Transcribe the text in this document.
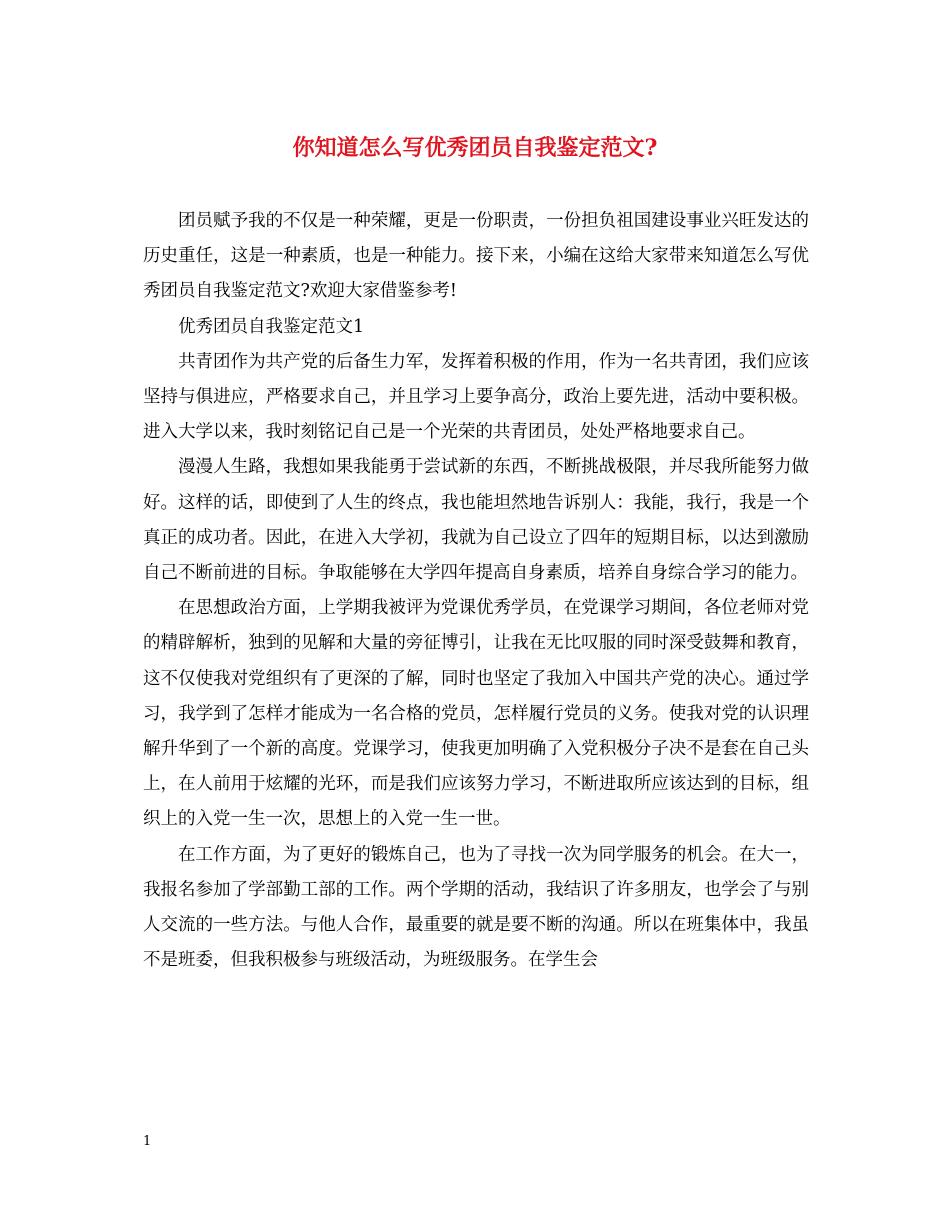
你知道怎么写优秀团员自我鉴定范文?

团员赋予我的不仅是一种荣耀，更是一份职责，一份担负祖国建设事业兴旺发达的历史重任，这是一种素质，也是一种能力。接下来，小编在这给大家带来知道怎么写优秀团员自我鉴定范文?欢迎大家借鉴参考!

优秀团员自我鉴定范文1

共青团作为共产党的后备生力军，发挥着积极的作用，作为一名共青团，我们应该坚持与俱进应，严格要求自己，并且学习上要争高分，政治上要先进，活动中要积极。进入大学以来，我时刻铭记自己是一个光荣的共青团员，处处严格地要求自己。

漫漫人生路，我想如果我能勇于尝试新的东西，不断挑战极限，并尽我所能努力做好。这样的话，即使到了人生的终点，我也能坦然地告诉别人：我能，我行，我是一个真正的成功者。因此，在进入大学初，我就为自己设立了四年的短期目标，以达到激励自己不断前进的目标。争取能够在大学四年提高自身素质，培养自身综合学习的能力。

在思想政治方面，上学期我被评为党课优秀学员，在党课学习期间，各位老师对党的精辟解析，独到的见解和大量的旁征博引，让我在无比叹服的同时深受鼓舞和教育，这不仅使我对党组织有了更深的了解，同时也坚定了我加入中国共产党的决心。通过学习，我学到了怎样才能成为一名合格的党员，怎样履行党员的义务。使我对党的认识理解升华到了一个新的高度。党课学习，使我更加明确了入党积极分子决不是套在自己头上，在人前用于炫耀的光环，而是我们应该努力学习，不断进取所应该达到的目标，组织上的入党一生一次，思想上的入党一生一世。

在工作方面，为了更好的锻炼自己，也为了寻找一次为同学服务的机会。在大一，我报名参加了学部勤工部的工作。两个学期的活动，我结识了许多朋友，也学会了与别人交流的一些方法。与他人合作，最重要的就是要不断的沟通。所以在班集体中，我虽不是班委，但我积极参与班级活动，为班级服务。在学生会

1
